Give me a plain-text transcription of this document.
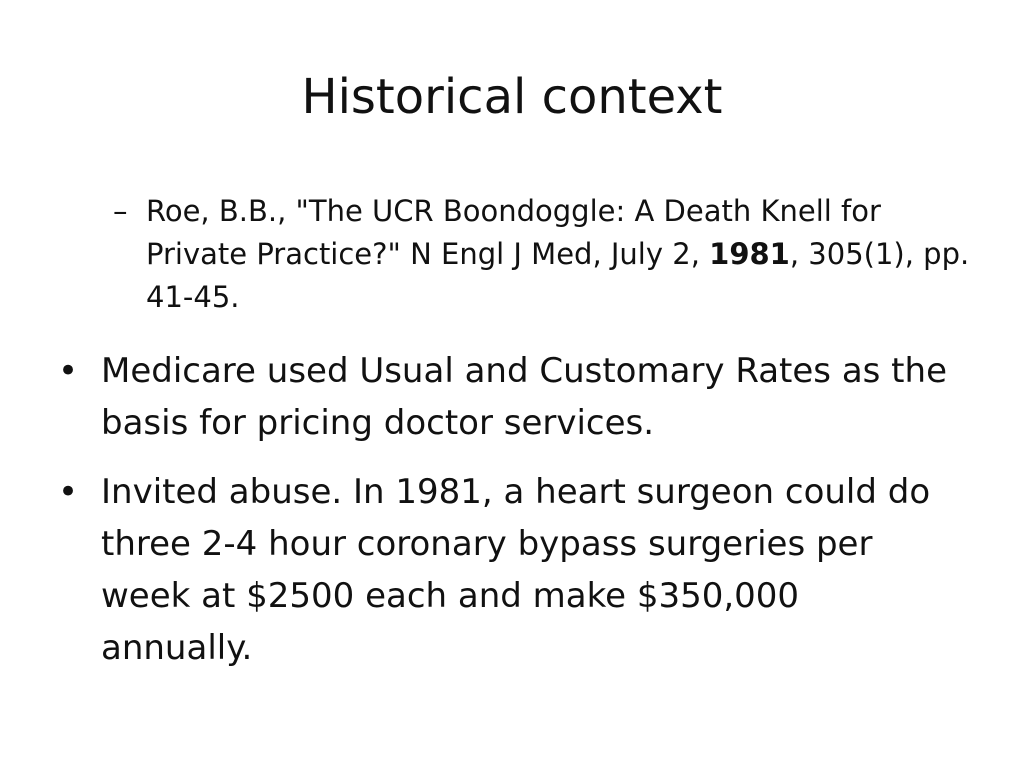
Historical context
– Roe, B.B., "The UCR Boondoggle: A Death Knell for Private Practice?" N Engl J Med, July 2, 1981, 305(1), pp. 41-45.
• Medicare used Usual and Customary Rates as the basis for pricing doctor services.
• Invited abuse. In 1981, a heart surgeon could do three 2-4 hour coronary bypass surgeries per week at $2500 each and make $350,000 annually.
